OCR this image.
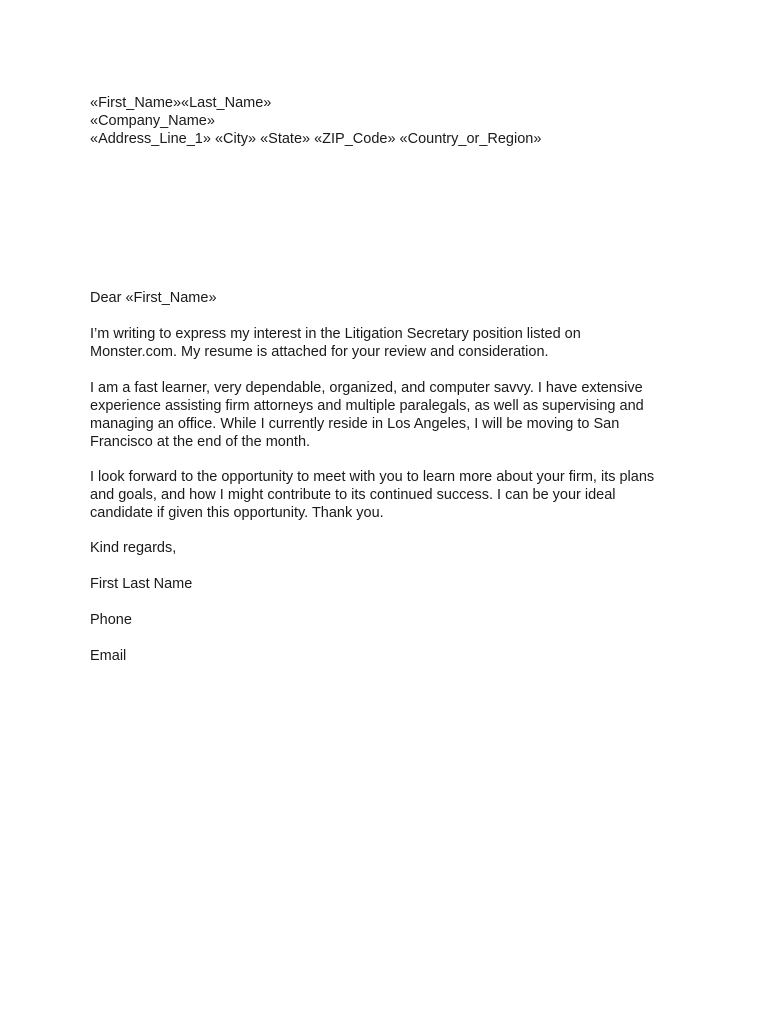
«First_Name»«Last_Name»
«Company_Name»
«Address_Line_1» «City» «State» «ZIP_Code» «Country_or_Region»
Dear «First_Name»
I’m writing to express my interest in the Litigation Secretary position listed on
Monster.com. My resume is attached for your review and consideration.
I am a fast learner, very dependable, organized, and computer savvy. I have extensive
experience assisting firm attorneys and multiple paralegals, as well as supervising and
managing an office. While I currently reside in Los Angeles, I will be moving to San
Francisco at the end of the month.
I look forward to the opportunity to meet with you to learn more about your firm, its plans
and goals, and how I might contribute to its continued success. I can be your ideal
candidate if given this opportunity. Thank you.
Kind regards,
First Last Name
Phone
Email
